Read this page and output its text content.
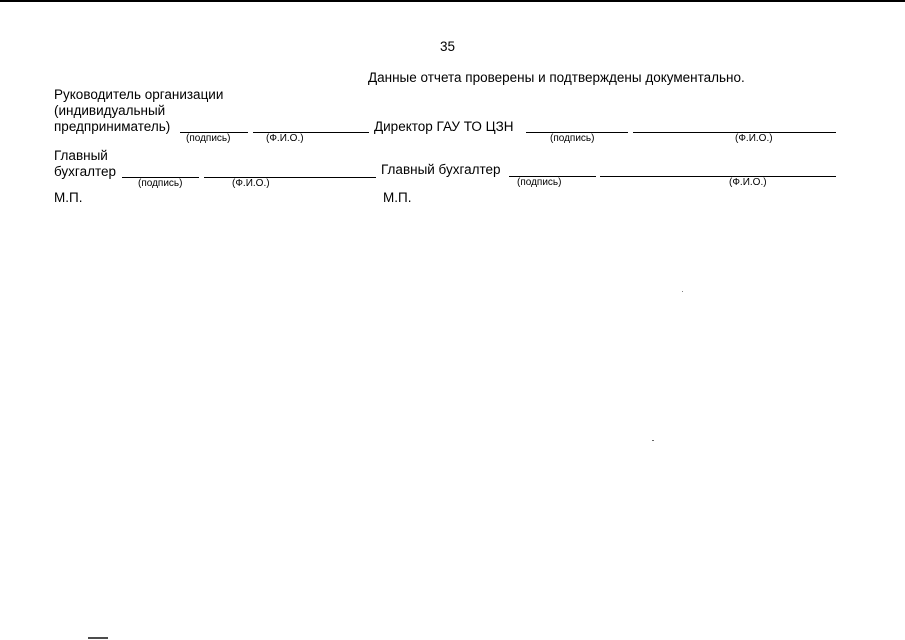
35
Данные отчета проверены и подтверждены документально.
Руководитель организации
(индивидуальный
предприниматель)
(подпись)	(Ф.И.О.)
Главный
бухгалтер
(подпись)	(Ф.И.О.)
М.П.
Директор ГАУ ТО ЦЗН
(подпись)	(Ф.И.О.)
Главный бухгалтер
(подпись)	(Ф.И.О.)
М.П.
